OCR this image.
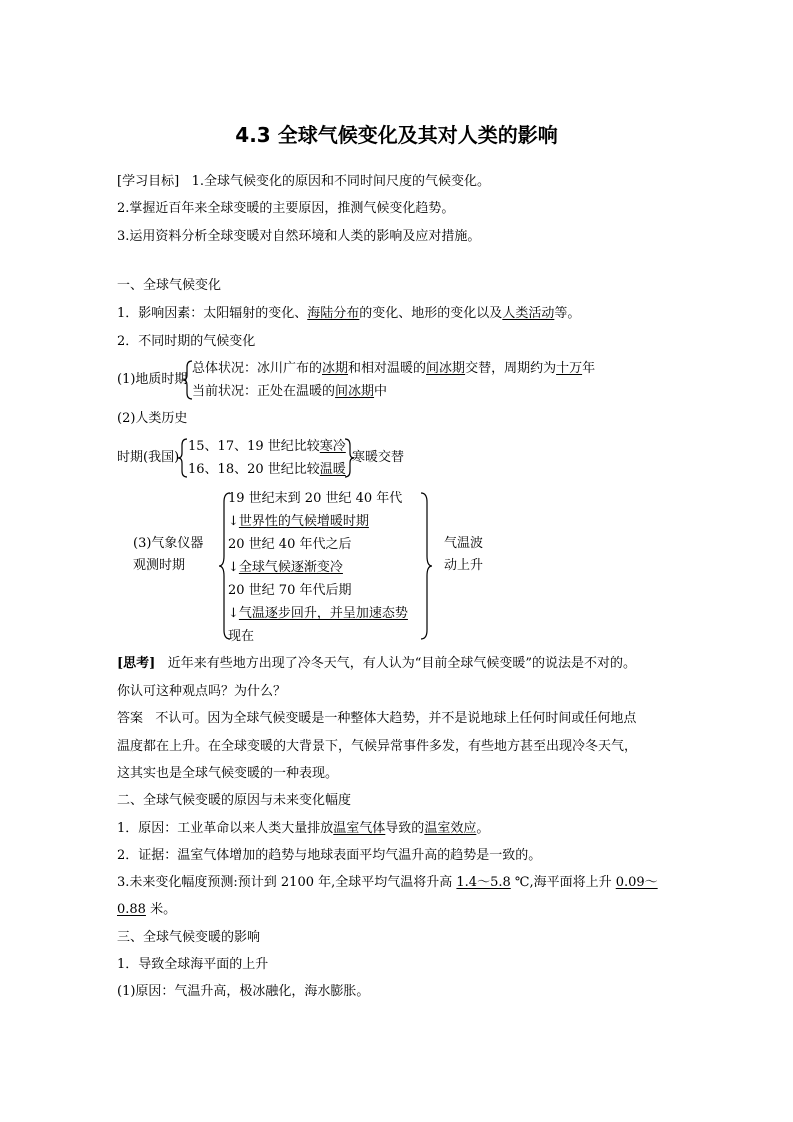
4.3 全球气候变化及其对人类的影响
[学习目标] 1.全球气候变化的原因和不同时间尺度的气候变化。
2.掌握近百年来全球变暖的主要原因，推测气候变化趋势。
3.运用资料分析全球变暖对自然环境和人类的影响及应对措施。
一、全球气候变化
1．影响因素：太阳辐射的变化、海陆分布的变化、地形的变化以及人类活动等。
2．不同时期的气候变化
(1)地质时期
总体状况：冰川广布的冰期和相对温暖的间冰期交替，周期约为十万年
当前状况：正处在温暖的间冰期中
(2)人类历史
时期(我国)
15、17、19 世纪比较寒冷
16、18、20 世纪比较温暖
寒暖交替
(3)气象仪器
观测时期
19 世纪末到 20 世纪 40 年代
↓世界性的气候增暖时期
20 世纪 40 年代之后
↓全球气候逐渐变冷
20 世纪 70 年代后期
↓气温逐步回升，并呈加速态势
现在
气温波
动上升
[思考] 近年来有些地方出现了冷冬天气，有人认为“目前全球气候变暖”的说法是不对的。
你认可这种观点吗？为什么？
答案 不认可。因为全球气候变暖是一种整体大趋势，并不是说地球上任何时间或任何地点
温度都在上升。在全球变暖的大背景下，气候异常事件多发，有些地方甚至出现冷冬天气，
这其实也是全球气候变暖的一种表现。
二、全球气候变暖的原因与未来变化幅度
1．原因：工业革命以来人类大量排放温室气体导致的温室效应。
2．证据：温室气体增加的趋势与地球表面平均气温升高的趋势是一致的。
3.未来变化幅度预测:预计到 2100 年,全球平均气温将升高 1.4～5.8 ℃,海平面将上升 0.09～
0.88 米。
三、全球气候变暖的影响
1．导致全球海平面的上升
(1)原因：气温升高，极冰融化，海水膨胀。
